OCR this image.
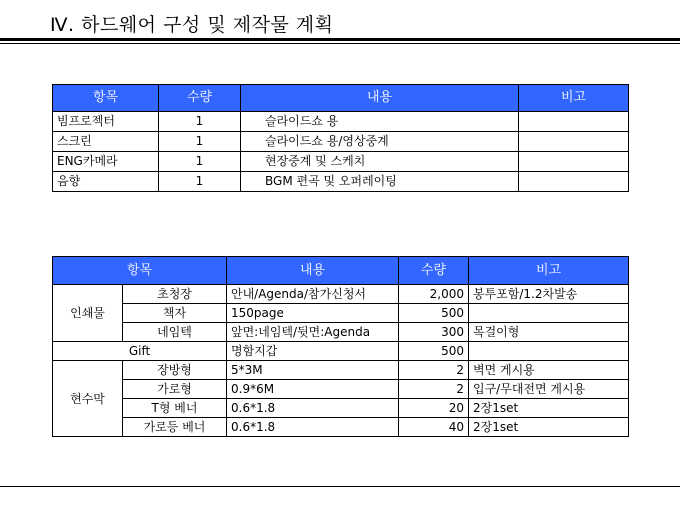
Ⅳ. 하드웨어 구성 및 제작물 계획
항목	수량	내용	비고
빔프로젝터	1	슬라이드쇼 용	
스크린	1	슬라이드쇼 용/영상중계	
ENG카메라	1	현장중계 및 스케치	
음향	1	BGM 편곡 및 오퍼레이팅	
항목		내용	수량	비고
인쇄물	초청장	안내/Agenda/참가신청서	2,000	봉투포함/1.2차발송
	책자	150page	500	
	네임텍	앞면:네임텍/뒷면:Agenda	300	목걸이형
Gift		명함지갑	500	
현수막	장방형	5*3M	2	벽면 게시용
	가로형	0.9*6M	2	입구/무대전면 게시용
	T형 베너	0.6*1.8	20	2장1set
	가로등 베너	0.6*1.8	40	2장1set
